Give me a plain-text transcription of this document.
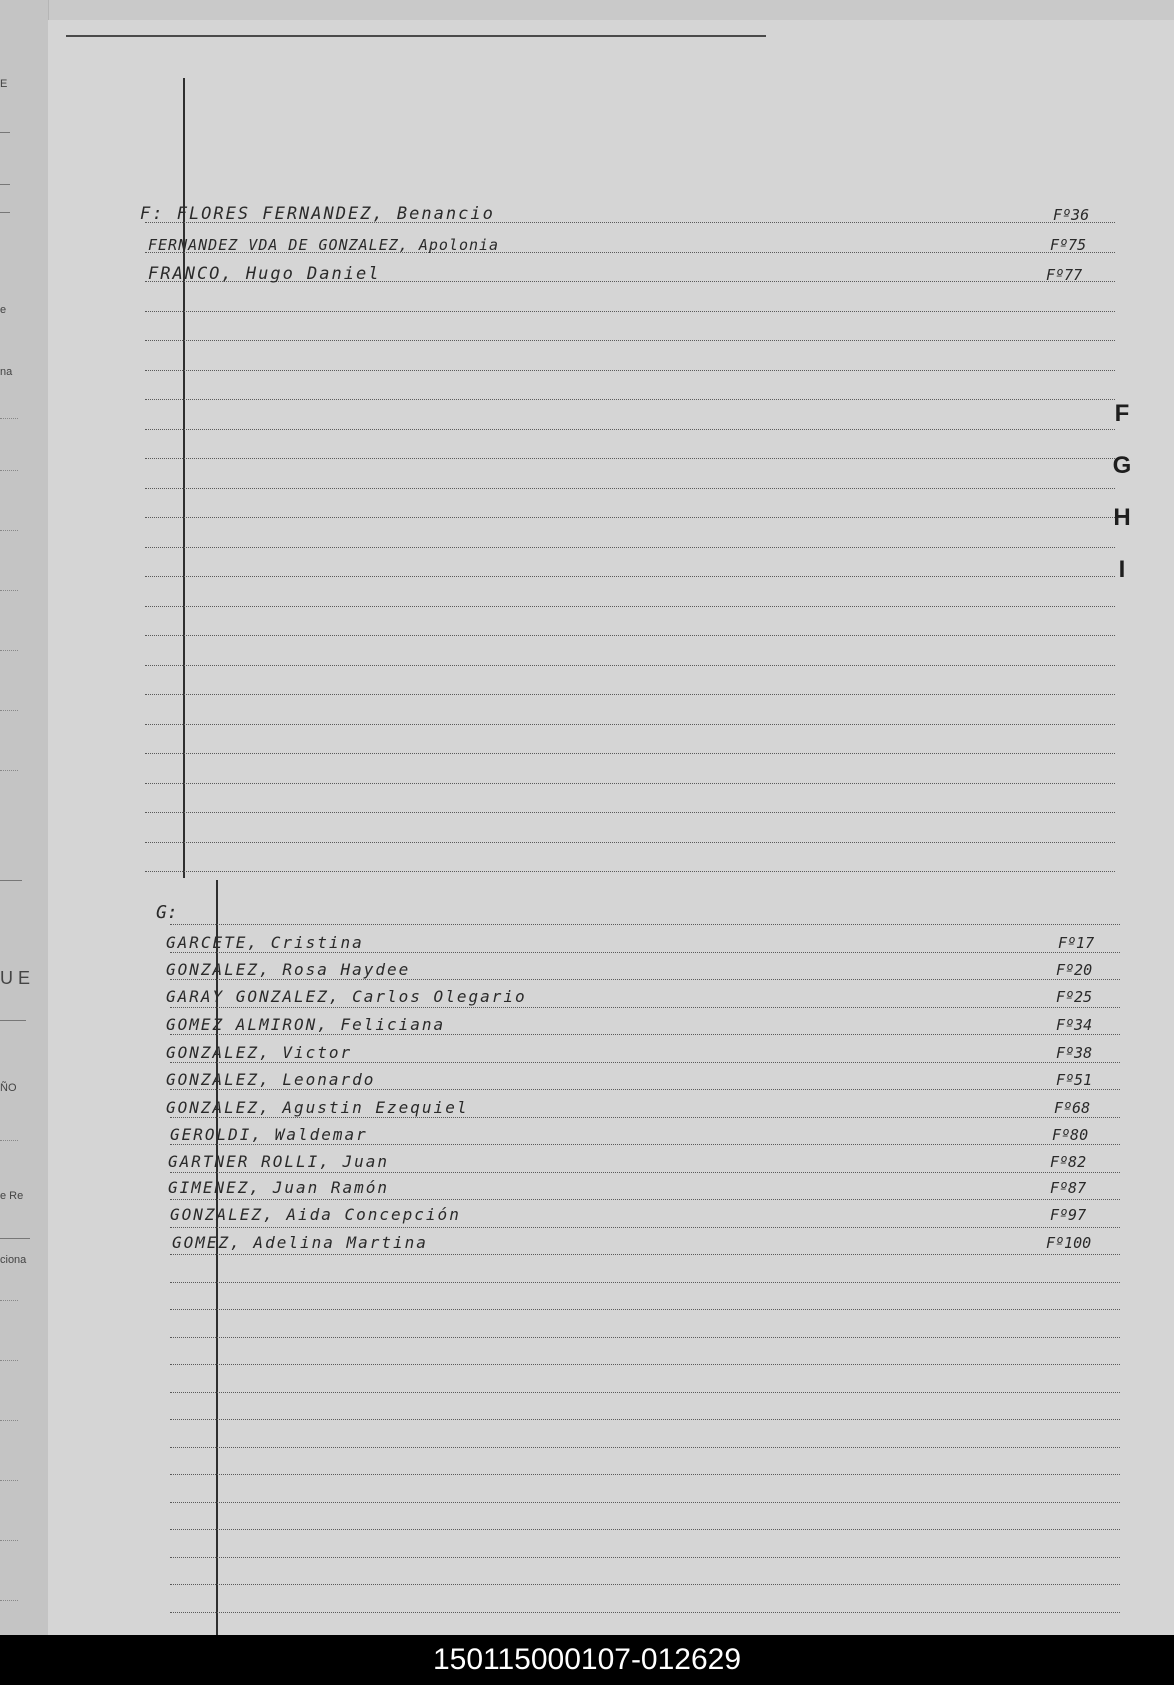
E
e
na
U E
ÑO
e Re
ciona
F: FLORES FERNANDEZ, Benancio	Fº36
FERNANDEZ VDA DE GONZALEZ, Apolonia	Fº75
FRANCO, Hugo Daniel	Fº77
G:
GARCETE, Cristina	Fº17
GONZALEZ, Rosa Haydee	Fº20
GARAY GONZALEZ, Carlos Olegario	Fº25
GOMEZ ALMIRON, Feliciana	Fº34
GONZALEZ, Victor	Fº38
GONZALEZ, Leonardo	Fº51
GONZALEZ, Agustin Ezequiel	Fº68
GEROLDI, Waldemar	Fº80
GARTNER ROLLI, Juan	Fº82
GIMENEZ, Juan Ramón	Fº87
GONZALEZ, Aida Concepción	Fº97
GOMEZ, Adelina Martina	Fº100
F
G
H
I
150115000107-012629
